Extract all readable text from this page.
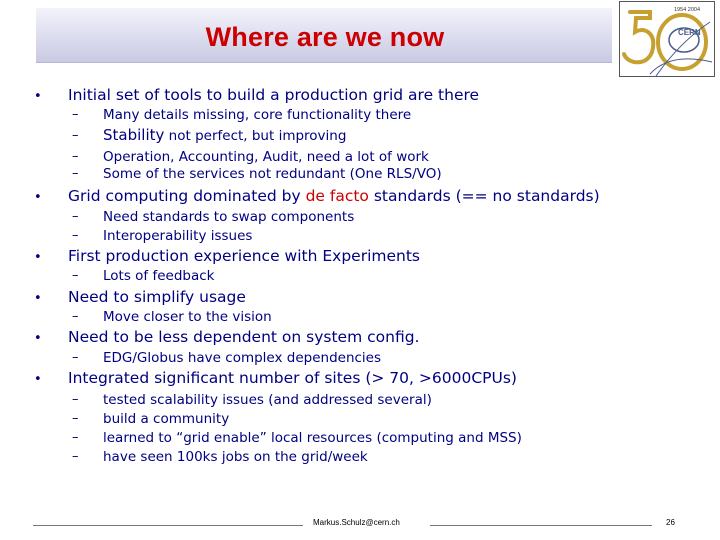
Where are we now
1954 2004
CERN
• Initial set of tools to build a production grid are there
– Many details missing, core functionality there
– Stability not perfect, but improving
– Operation, Accounting, Audit, need a lot of work
– Some of the services not redundant (One RLS/VO)
• Grid computing dominated by de facto standards (== no standards)
– Need standards to swap components
– Interoperability issues
• First production experience with Experiments
– Lots of feedback
• Need to simplify usage
– Move closer to the vision
• Need to be less dependent on system config.
– EDG/Globus have complex dependencies
• Integrated significant number of sites (> 70, >6000CPUs)
– tested scalability issues (and addressed several)
– build a community
– learned to “grid enable” local resources (computing and MSS)
– have seen 100ks jobs on the grid/week
Markus.Schulz@cern.ch	26
